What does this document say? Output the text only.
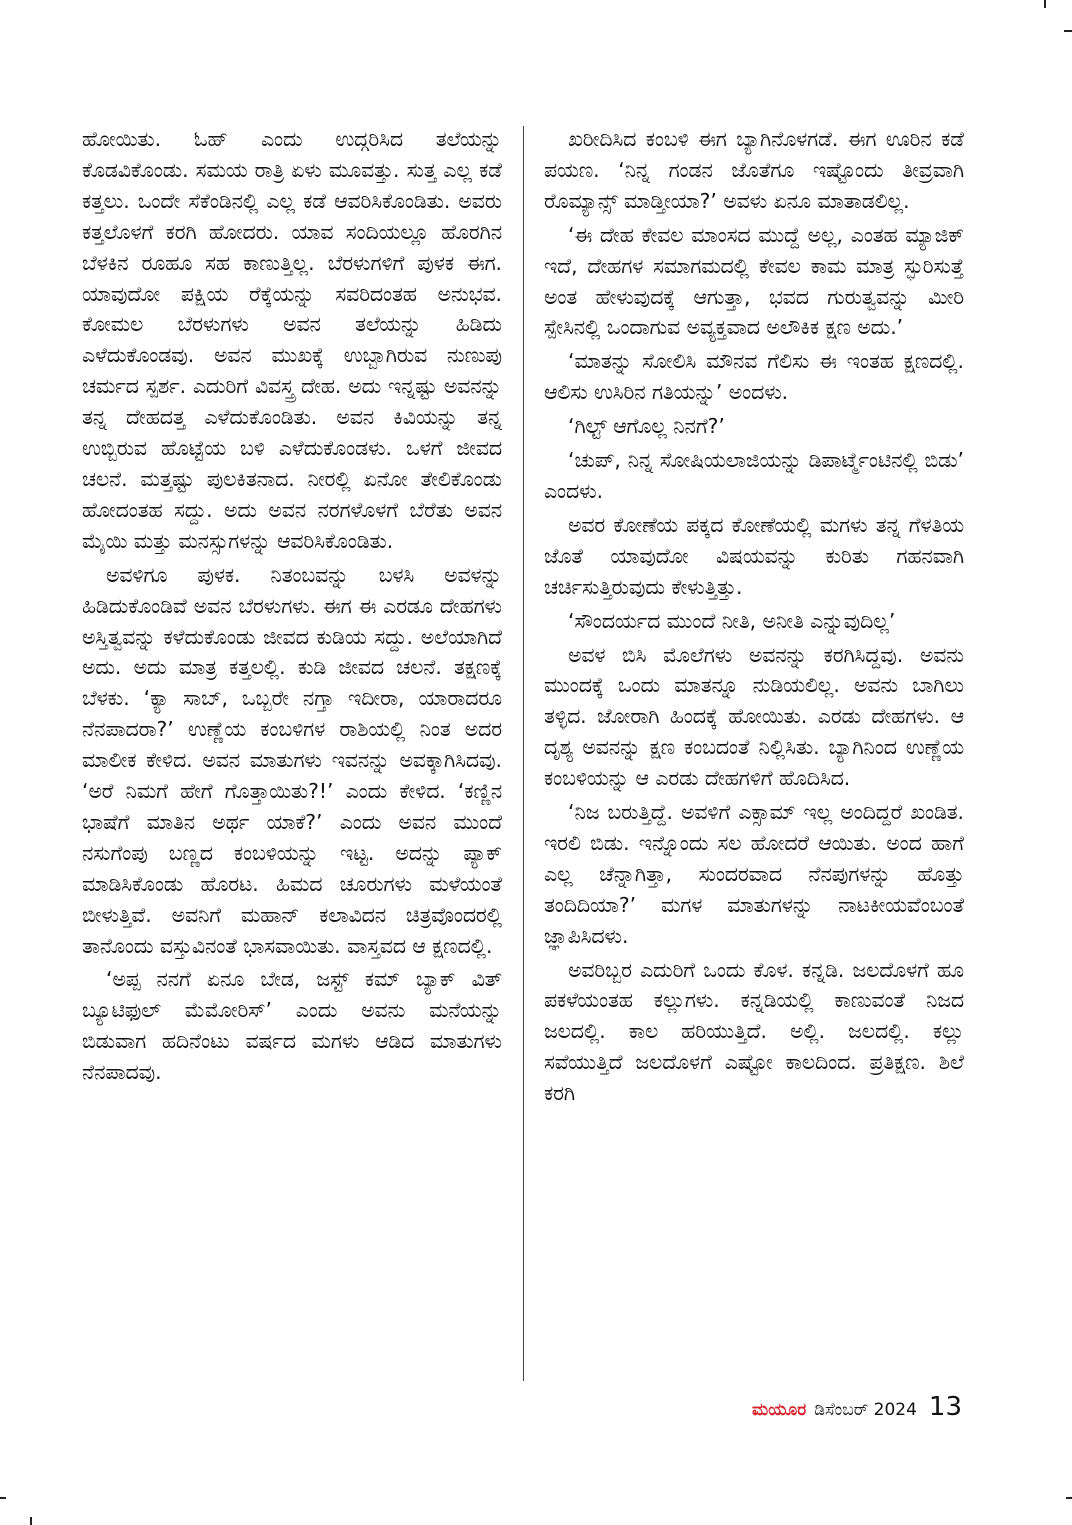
ಹೋಯಿತು. ಓಹ್ ಎಂದು ಉದ್ಗರಿಸಿದ ತಲೆಯನ್ನು ಕೊಡವಿಕೊಂಡು. ಸಮಯ ರಾತ್ರಿ ಏಳು ಮೂವತ್ತು. ಸುತ್ತ ಎಲ್ಲ ಕಡೆ ಕತ್ತಲು. ಒಂದೇ ಸೆಕೆಂಡಿನಲ್ಲಿ ಎಲ್ಲ ಕಡೆ ಆವರಿಸಿಕೊಂಡಿತು. ಅವರು ಕತ್ತಲೊಳಗೆ ಕರಗಿ ಹೋದರು. ಯಾವ ಸಂದಿಯಲ್ಲೂ ಹೊರಗಿನ ಬೆಳಕಿನ ರೂಹೂ ಸಹ ಕಾಣುತ್ತಿಲ್ಲ. ಬೆರಳುಗಳಿಗೆ ಪುಳಕ ಈಗ. ಯಾವುದೋ ಪಕ್ಷಿಯ ರೆಕ್ಕೆಯನ್ನು ಸವರಿದಂತಹ ಅನುಭವ. ಕೋಮಲ ಬೆರಳುಗಳು ಅವನ ತಲೆಯನ್ನು ಹಿಡಿದು ಎಳೆದುಕೊಂಡವು. ಅವನ ಮುಖಕ್ಕೆ ಉಬ್ಬಾಗಿರುವ ನುಣುಪು ಚರ್ಮದ ಸ್ಪರ್ಶ. ಎದುರಿಗೆ ವಿವಸ್ತ್ರ ದೇಹ. ಅದು ಇನ್ನಷ್ಟು ಅವನನ್ನು ತನ್ನ ದೇಹದತ್ತ ಎಳೆದುಕೊಂಡಿತು. ಅವನ ಕಿವಿಯನ್ನು ತನ್ನ ಉಬ್ಬಿರುವ ಹೊಟ್ಟೆಯ ಬಳಿ ಎಳೆದುಕೊಂಡಳು. ಒಳಗೆ ಜೀವದ ಚಲನೆ. ಮತ್ತಷ್ಟು ಪುಲಕಿತನಾದ. ನೀರಲ್ಲಿ ಏನೋ ತೇಲಿಕೊಂಡು ಹೋದಂತಹ ಸದ್ದು. ಅದು ಅವನ ನರಗಳೊಳಗೆ ಬೆರೆತು ಅವನ ಮೈಯಿ ಮತ್ತು ಮನಸ್ಸುಗಳನ್ನು ಆವರಿಸಿಕೊಂಡಿತು.

ಅವಳಿಗೂ ಪುಳಕ. ನಿತಂಬವನ್ನು ಬಳಸಿ ಅವಳನ್ನು ಹಿಡಿದುಕೊಂಡಿವೆ ಅವನ ಬೆರಳುಗಳು. ಈಗ ಈ ಎರಡೂ ದೇಹಗಳು ಅಸ್ತಿತ್ವವನ್ನು ಕಳೆದುಕೊಂಡು ಜೀವದ ಕುಡಿಯ ಸದ್ದು. ಅಲೆಯಾಗಿದೆ ಅದು. ಅದು ಮಾತ್ರ ಕತ್ತಲಲ್ಲಿ. ಕುಡಿ ಜೀವದ ಚಲನೆ. ತಕ್ಷಣಕ್ಕೆ ಬೆಳಕು. ‘ಕ್ಯಾ ಸಾಬ್, ಒಬ್ಬರೇ ನಗ್ತಾ ಇದೀರಾ, ಯಾರಾದರೂ ನೆನಪಾದರಾ?’ ಉಣ್ಣೆಯ ಕಂಬಳಿಗಳ ರಾಶಿಯಲ್ಲಿ ನಿಂತ ಅದರ ಮಾಲೀಕ ಕೇಳಿದ. ಅವನ ಮಾತುಗಳು ಇವನನ್ನು ಅವಕ್ಕಾಗಿಸಿದವು. ‘ಅರೆ ನಿಮಗೆ ಹೇಗೆ ಗೊತ್ತಾಯಿತು?!’ ಎಂದು ಕೇಳಿದ. ‘ಕಣ್ಣಿನ ಭಾಷೆಗೆ ಮಾತಿನ ಅರ್ಥ ಯಾಕೆ?’ ಎಂದು ಅವನ ಮುಂದೆ ನಸುಗೆಂಪು ಬಣ್ಣದ ಕಂಬಳಿಯನ್ನು ಇಟ್ಟ. ಅದನ್ನು ಪ್ಯಾಕ್ ಮಾಡಿಸಿಕೊಂಡು ಹೊರಟ. ಹಿಮದ ಚೂರುಗಳು ಮಳೆಯಂತೆ ಬೀಳುತ್ತಿವೆ. ಅವನಿಗೆ ಮಹಾನ್ ಕಲಾವಿದನ ಚಿತ್ರವೊಂದರಲ್ಲಿ ತಾನೊಂದು ವಸ್ತುವಿನಂತೆ ಭಾಸವಾಯಿತು. ವಾಸ್ತವದ ಆ ಕ್ಷಣದಲ್ಲಿ.

‘ಅಪ್ಪ ನನಗೆ ಏನೂ ಬೇಡ, ಜಸ್ಟ್ ಕಮ್ ಬ್ಯಾಕ್ ವಿತ್ ಬ್ಯೂಟಿಫುಲ್ ಮೆಮೋರಿಸ್’ ಎಂದು ಅವನು ಮನೆಯನ್ನು ಬಿಡುವಾಗ ಹದಿನೆಂಟು ವರ್ಷದ ಮಗಳು ಆಡಿದ ಮಾತುಗಳು ನೆನಪಾದವು.

ಖರೀದಿಸಿದ ಕಂಬಳಿ ಈಗ ಬ್ಯಾಗಿನೊಳಗಡೆ. ಈಗ ಊರಿನ ಕಡೆ ಪಯಣ. ‘ನಿನ್ನ ಗಂಡನ ಜೊತೆಗೂ ಇಷ್ಟೊಂದು ತೀವ್ರವಾಗಿ ರೊಮ್ಯಾನ್ಸ್ ಮಾಡ್ತೀಯಾ?’ ಅವಳು ಏನೂ ಮಾತಾಡಲಿಲ್ಲ.

‘ಈ ದೇಹ ಕೇವಲ ಮಾಂಸದ ಮುದ್ದೆ ಅಲ್ಲ, ಎಂತಹ ಮ್ಯಾಜಿಕ್ ಇದೆ, ದೇಹಗಳ ಸಮಾಗಮದಲ್ಲಿ ಕೇವಲ ಕಾಮ ಮಾತ್ರ ಸ್ಫುರಿಸುತ್ತೆ ಅಂತ ಹೇಳುವುದಕ್ಕೆ ಆಗುತ್ತಾ, ಭವದ ಗುರುತ್ವವನ್ನು ಮೀರಿ ಸ್ಪೇಸಿನಲ್ಲಿ ಒಂದಾಗುವ ಅವ್ಯಕ್ತವಾದ ಅಲೌಕಿಕ ಕ್ಷಣ ಅದು.’

‘ಮಾತನ್ನು ಸೋಲಿಸಿ ಮೌನವ ಗೆಲಿಸು ಈ ಇಂತಹ ಕ್ಷಣದಲ್ಲಿ. ಆಲಿಸು ಉಸಿರಿನ ಗತಿಯನ್ನು’ ಅಂದಳು.

‘ಗಿಲ್ಟ್ ಆಗೊಲ್ಲ ನಿನಗೆ?’

‘ಚುಪ್, ನಿನ್ನ ಸೋಷಿಯಲಾಜಿಯನ್ನು ಡಿಪಾರ್ಟ್ಮೆಂಟಿನಲ್ಲಿ ಬಿಡು’ ಎಂದಳು.

ಅವರ ಕೋಣೆಯ ಪಕ್ಕದ ಕೋಣೆಯಲ್ಲಿ ಮಗಳು ತನ್ನ ಗೆಳತಿಯ ಜೊತೆ ಯಾವುದೋ ವಿಷಯವನ್ನು ಕುರಿತು ಗಹನವಾಗಿ ಚರ್ಚಿಸುತ್ತಿರುವುದು ಕೇಳುತ್ತಿತ್ತು.

‘ಸೌಂದರ್ಯದ ಮುಂದೆ ನೀತಿ, ಅನೀತಿ ಎನ್ನುವುದಿಲ್ಲ’

ಅವಳ ಬಿಸಿ ಮೊಲೆಗಳು ಅವನನ್ನು ಕರಗಿಸಿದ್ದವು. ಅವನು ಮುಂದಕ್ಕೆ ಒಂದು ಮಾತನ್ನೂ ನುಡಿಯಲಿಲ್ಲ. ಅವನು ಬಾಗಿಲು ತಳ್ಳಿದ. ಜೋರಾಗಿ ಹಿಂದಕ್ಕೆ ಹೋಯಿತು. ಎರಡು ದೇಹಗಳು. ಆ ದೃಶ್ಯ ಅವನನ್ನು ಕ್ಷಣ ಕಂಬದಂತೆ ನಿಲ್ಲಿಸಿತು. ಬ್ಯಾಗಿನಿಂದ ಉಣ್ಣೆಯ ಕಂಬಳಿಯನ್ನು ಆ ಎರಡು ದೇಹಗಳಿಗೆ ಹೊದಿಸಿದ.

‘ನಿಜ ಬರುತ್ತಿದ್ದೆ. ಅವಳಿಗೆ ಎಕ್ಸಾಮ್ ಇಲ್ಲ ಅಂದಿದ್ದರೆ ಖಂಡಿತ. ಇರಲಿ ಬಿಡು. ಇನ್ನೊಂದು ಸಲ ಹೋದರೆ ಆಯಿತು. ಅಂದ ಹಾಗೆ ಎಲ್ಲ ಚೆನ್ನಾಗಿತ್ತಾ, ಸುಂದರವಾದ ನೆನಪುಗಳನ್ನು ಹೊತ್ತು ತಂದಿದಿಯಾ?’ ಮಗಳ ಮಾತುಗಳನ್ನು ನಾಟಕೀಯವೆಂಬಂತೆ ಜ್ಞಾಪಿಸಿದಳು.

ಅವರಿಬ್ಬರ ಎದುರಿಗೆ ಒಂದು ಕೊಳ. ಕನ್ನಡಿ. ಜಲದೊಳಗೆ ಹೂ ಪಕಳೆಯಂತಹ ಕಲ್ಲುಗಳು. ಕನ್ನಡಿಯಲ್ಲಿ ಕಾಣುವಂತೆ ನಿಜದ ಜಲದಲ್ಲಿ. ಕಾಲ ಹರಿಯುತ್ತಿದೆ. ಅಲ್ಲಿ. ಜಲದಲ್ಲಿ. ಕಲ್ಲು ಸವೆಯುತ್ತಿದೆ ಜಲದೊಳಗೆ ಎಷ್ಟೋ ಕಾಲದಿಂದ. ಪ್ರತಿಕ್ಷಣ. ಶಿಲೆ ಕರಗಿ

ಮಯೂರ ಡಿಸೆಂಬರ್ 2024 13
